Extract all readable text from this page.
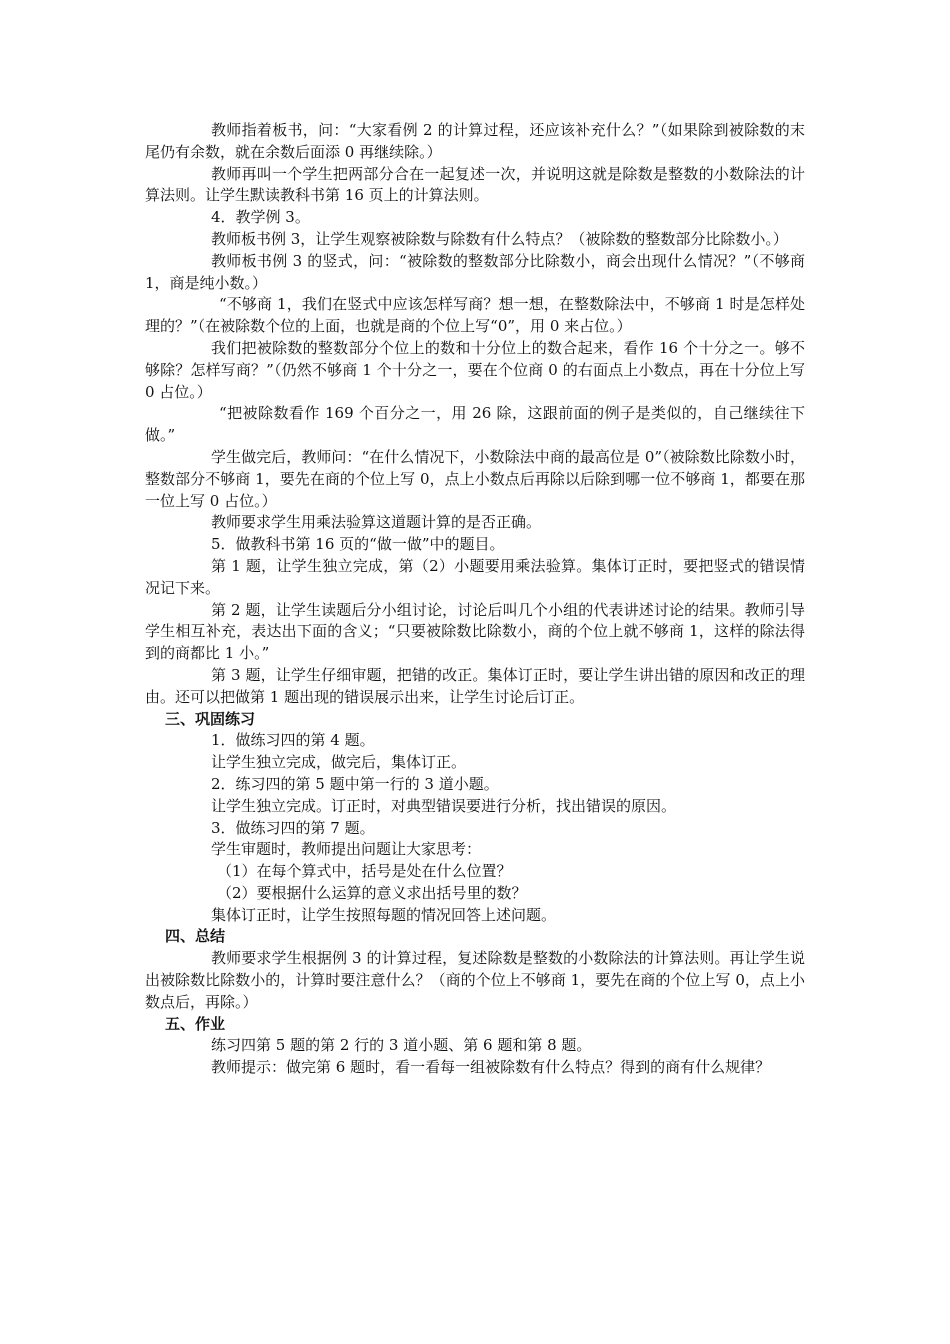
教师指着板书，问：“大家看例 2 的计算过程，还应该补充什么？”（如果除到被除数的末尾仍有余数，就在余数后面添 0 再继续除。）

教师再叫一个学生把两部分合在一起复述一次，并说明这就是除数是整数的小数除法的计算法则。让学生默读教科书第 16 页上的计算法则。

4．教学例 3。

教师板书例 3，让学生观察被除数与除数有什么特点？（被除数的整数部分比除数小。）

教师板书例 3 的竖式，问：“被除数的整数部分比除数小，商会出现什么情况？”（不够商 1，商是纯小数。）

“不够商 1，我们在竖式中应该怎样写商？想一想，在整数除法中，不够商 1 时是怎样处理的？”（在被除数个位的上面，也就是商的个位上写“0”，用 0 来占位。）

我们把被除数的整数部分个位上的数和十分位上的数合起来，看作 16 个十分之一。够不够除？怎样写商？”（仍然不够商 1 个十分之一，要在个位商 0 的右面点上小数点，再在十分位上写 0 占位。）

“把被除数看作 169 个百分之一，用 26 除，这跟前面的例子是类似的，自己继续往下做。”

学生做完后，教师问：“在什么情况下，小数除法中商的最高位是 0”（被除数比除数小时，整数部分不够商 1，要先在商的个位上写 0，点上小数点后再除以后除到哪一位不够商 1，都要在那一位上写 0 占位。）

教师要求学生用乘法验算这道题计算的是否正确。

5．做教科书第 16 页的“做一做”中的题目。

第 1 题，让学生独立完成，第（2）小题要用乘法验算。集体订正时，要把竖式的错误情况记下来。

第 2 题，让学生读题后分小组讨论，讨论后叫几个小组的代表讲述讨论的结果。教师引导学生相互补充，表达出下面的含义；“只要被除数比除数小，商的个位上就不够商 1，这样的除法得到的商都比 1 小。”

第 3 题，让学生仔细审题，把错的改正。集体订正时，要让学生讲出错的原因和改正的理由。还可以把做第 1 题出现的错误展示出来，让学生讨论后订正。

三、巩固练习

1．做练习四的第 4 题。

让学生独立完成，做完后，集体订正。

2．练习四的第 5 题中第一行的 3 道小题。

让学生独立完成。订正时，对典型错误要进行分析，找出错误的原因。

3．做练习四的第 7 题。

学生审题时，教师提出问题让大家思考：

（1）在每个算式中，括号是处在什么位置？

（2）要根据什么运算的意义求出括号里的数？

集体订正时，让学生按照每题的情况回答上述问题。

四、总结

教师要求学生根据例 3 的计算过程，复述除数是整数的小数除法的计算法则。再让学生说出被除数比除数小的，计算时要注意什么？（商的个位上不够商 1，要先在商的个位上写 0，点上小数点后，再除。）

五、作业

练习四第 5 题的第 2 行的 3 道小题、第 6 题和第 8 题。

教师提示：做完第 6 题时，看一看每一组被除数有什么特点？得到的商有什么规律？
